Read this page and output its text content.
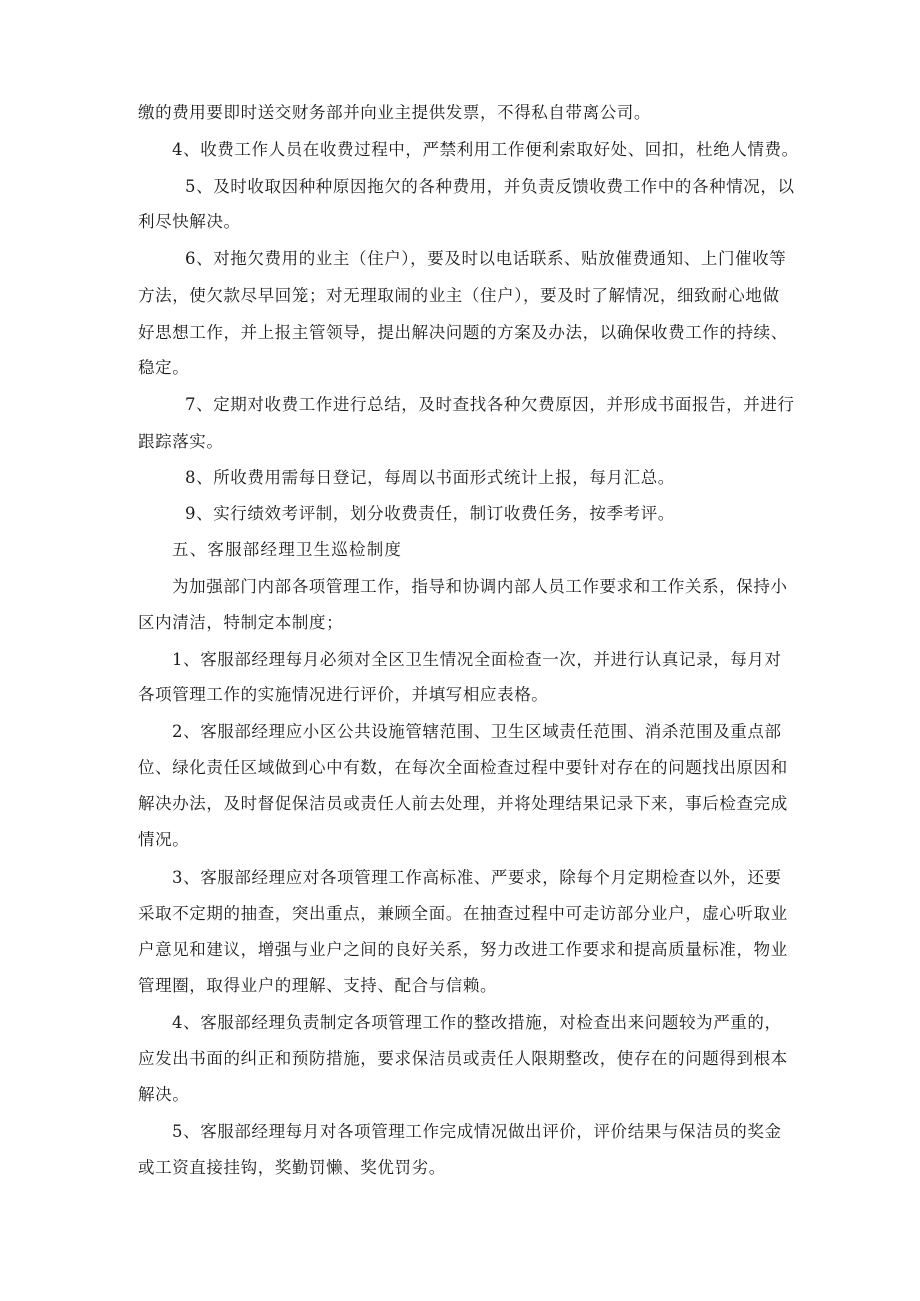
缴的费用要即时送交财务部并向业主提供发票，不得私自带离公司。

4、收费工作人员在收费过程中，严禁利用工作便利索取好处、回扣，杜绝人情费。

5、及时收取因种种原因拖欠的各种费用，并负责反馈收费工作中的各种情况，以

利尽快解决。

6、对拖欠费用的业主（住户），要及时以电话联系、贴放催费通知、上门催收等

方法，使欠款尽早回笼；对无理取闹的业主（住户），要及时了解情况，细致耐心地做

好思想工作，并上报主管领导，提出解决问题的方案及办法，以确保收费工作的持续、

稳定。

7、定期对收费工作进行总结，及时查找各种欠费原因，并形成书面报告，并进行

跟踪落实。

8、所收费用需每日登记，每周以书面形式统计上报，每月汇总。

9、实行绩效考评制，划分收费责任，制订收费任务，按季考评。

五、客服部经理卫生巡检制度

为加强部门内部各项管理工作，指导和协调内部人员工作要求和工作关系，保持小

区内清洁，特制定本制度；

1、客服部经理每月必须对全区卫生情况全面检查一次，并进行认真记录，每月对

各项管理工作的实施情况进行评价，并填写相应表格。

2、客服部经理应小区公共设施管辖范围、卫生区域责任范围、消杀范围及重点部

位、绿化责任区域做到心中有数，在每次全面检查过程中要针对存在的问题找出原因和

解决办法，及时督促保洁员或责任人前去处理，并将处理结果记录下来，事后检查完成

情况。

3、客服部经理应对各项管理工作高标准、严要求，除每个月定期检查以外，还要

采取不定期的抽查，突出重点，兼顾全面。在抽查过程中可走访部分业户，虚心听取业

户意见和建议，增强与业户之间的良好关系，努力改进工作要求和提高质量标准，物业

管理圈，取得业户的理解、支持、配合与信赖。

4、客服部经理负责制定各项管理工作的整改措施，对检查出来问题较为严重的，

应发出书面的纠正和预防措施，要求保洁员或责任人限期整改，使存在的问题得到根本

解决。

5、客服部经理每月对各项管理工作完成情况做出评价，评价结果与保洁员的奖金

或工资直接挂钩，奖勤罚懒、奖优罚劣。
